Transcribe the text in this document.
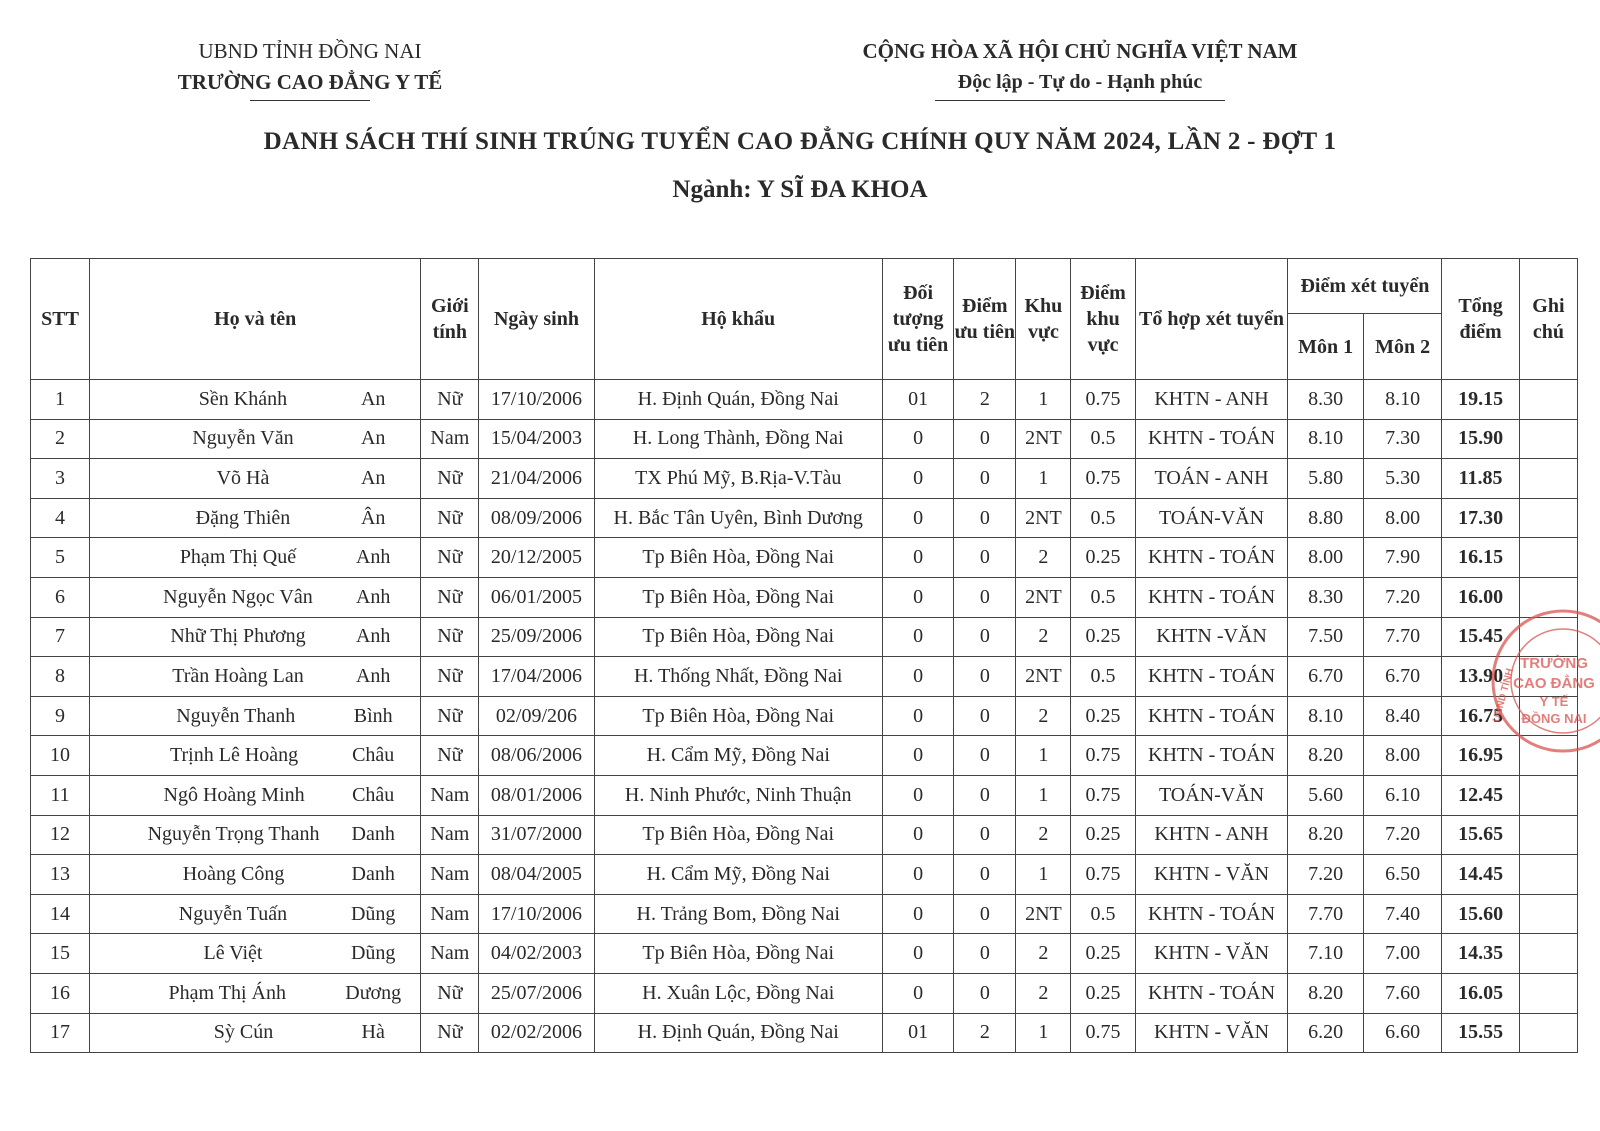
UBND TỈNH ĐỒNG NAI
TRƯỜNG CAO ĐẲNG Y TẾ
CỘNG HÒA XÃ HỘI CHỦ NGHĨA VIỆT NAM
Độc lập - Tự do - Hạnh phúc
DANH SÁCH THÍ SINH TRÚNG TUYỂN CAO ĐẲNG CHÍNH QUY NĂM 2024, LẦN 2 - ĐỢT 1
Ngành: Y SĨ ĐA KHOA
STT	Họ và tên	Giới tính	Ngày sinh	Hộ khẩu	Đối tượng ưu tiên	Điểm ưu tiên	Khu vực	Điểm khu vực	Tổ hợp xét tuyển	Điểm xét tuyển		Tổng điểm	Ghi chú
										Môn 1	Môn 2		
1	Sền Khánh An	Nữ	17/10/2006	H. Định Quán, Đồng Nai	01	2	1	0.75	KHTN - ANH	8.30	8.10	19.15	
2	Nguyễn Văn An	Nam	15/04/2003	H. Long Thành, Đồng Nai	0	0	2NT	0.5	KHTN - TOÁN	8.10	7.30	15.90	
3	Võ Hà An	Nữ	21/04/2006	TX Phú Mỹ, B.Rịa-V.Tàu	0	0	1	0.75	TOÁN - ANH	5.80	5.30	11.85	
4	Đặng Thiên Ân	Nữ	08/09/2006	H. Bắc Tân Uyên, Bình Dương	0	0	2NT	0.5	TOÁN-VĂN	8.80	8.00	17.30	
5	Phạm Thị Quế Anh	Nữ	20/12/2005	Tp Biên Hòa, Đồng Nai	0	0	2	0.25	KHTN - TOÁN	8.00	7.90	16.15	
6	Nguyễn Ngọc Vân Anh	Nữ	06/01/2005	Tp Biên Hòa, Đồng Nai	0	0	2NT	0.5	KHTN - TOÁN	8.30	7.20	16.00	
7	Nhữ Thị Phương Anh	Nữ	25/09/2006	Tp Biên Hòa, Đồng Nai	0	0	2	0.25	KHTN -VĂN	7.50	7.70	15.45	
8	Trần Hoàng Lan Anh	Nữ	17/04/2006	H. Thống Nhất, Đồng Nai	0	0	2NT	0.5	KHTN - TOÁN	6.70	6.70	13.90	
9	Nguyễn Thanh Bình	Nữ	02/09/206	Tp Biên Hòa, Đồng Nai	0	0	2	0.25	KHTN - TOÁN	8.10	8.40	16.75	
10	Trịnh Lê Hoàng Châu	Nữ	08/06/2006	H. Cẩm Mỹ, Đồng Nai	0	0	1	0.75	KHTN - TOÁN	8.20	8.00	16.95	
11	Ngô Hoàng Minh Châu	Nam	08/01/2006	H. Ninh Phước, Ninh Thuận	0	0	1	0.75	TOÁN-VĂN	5.60	6.10	12.45	
12	Nguyễn Trọng Thanh Danh	Nam	31/07/2000	Tp Biên Hòa, Đồng Nai	0	0	2	0.25	KHTN - ANH	8.20	7.20	15.65	
13	Hoàng Công Danh	Nam	08/04/2005	H. Cẩm Mỹ, Đồng Nai	0	0	1	0.75	KHTN - VĂN	7.20	6.50	14.45	
14	Nguyễn Tuấn Dũng	Nam	17/10/2006	H. Trảng Bom, Đồng Nai	0	0	2NT	0.5	KHTN - TOÁN	7.70	7.40	15.60	
15	Lê Việt Dũng	Nam	04/02/2003	Tp Biên Hòa, Đồng Nai	0	0	2	0.25	KHTN - VĂN	7.10	7.00	14.35	
16	Phạm Thị Ánh Dương	Nữ	25/07/2006	H. Xuân Lộc, Đồng Nai	0	0	2	0.25	KHTN - TOÁN	8.20	7.60	16.05	
17	Sỳ Cún Hà	Nữ	02/02/2006	H. Định Quán, Đồng Nai	01	2	1	0.75	KHTN - VĂN	6.20	6.60	15.55	
TRƯỜNG
CAO ĐẲNG
Y TẾ
ĐỒNG NAI
UBND TỈNH
